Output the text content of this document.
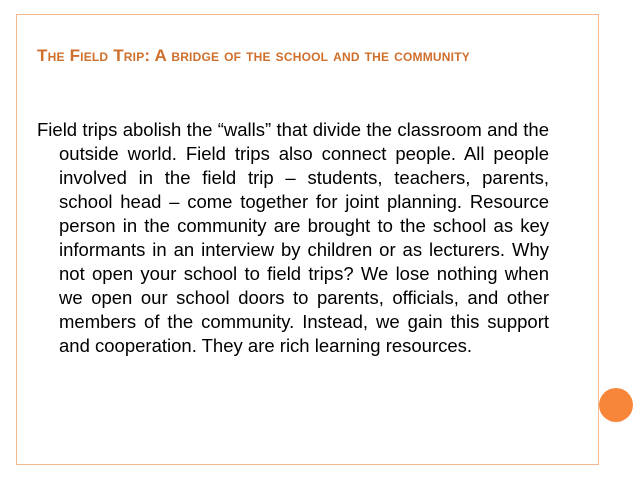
The Field Trip: A bridge of the school and the community
Field trips abolish the “walls” that divide the classroom and the outside world. Field trips also connect people. All people involved in the field trip – students, teachers, parents, school head – come together for joint planning. Resource person in the community are brought to the school as key informants in an interview by children or as lecturers. Why not open your school to field trips? We lose nothing when we open our school doors to parents, officials, and other members of the community. Instead, we gain this support and cooperation. They are rich learning resources.
